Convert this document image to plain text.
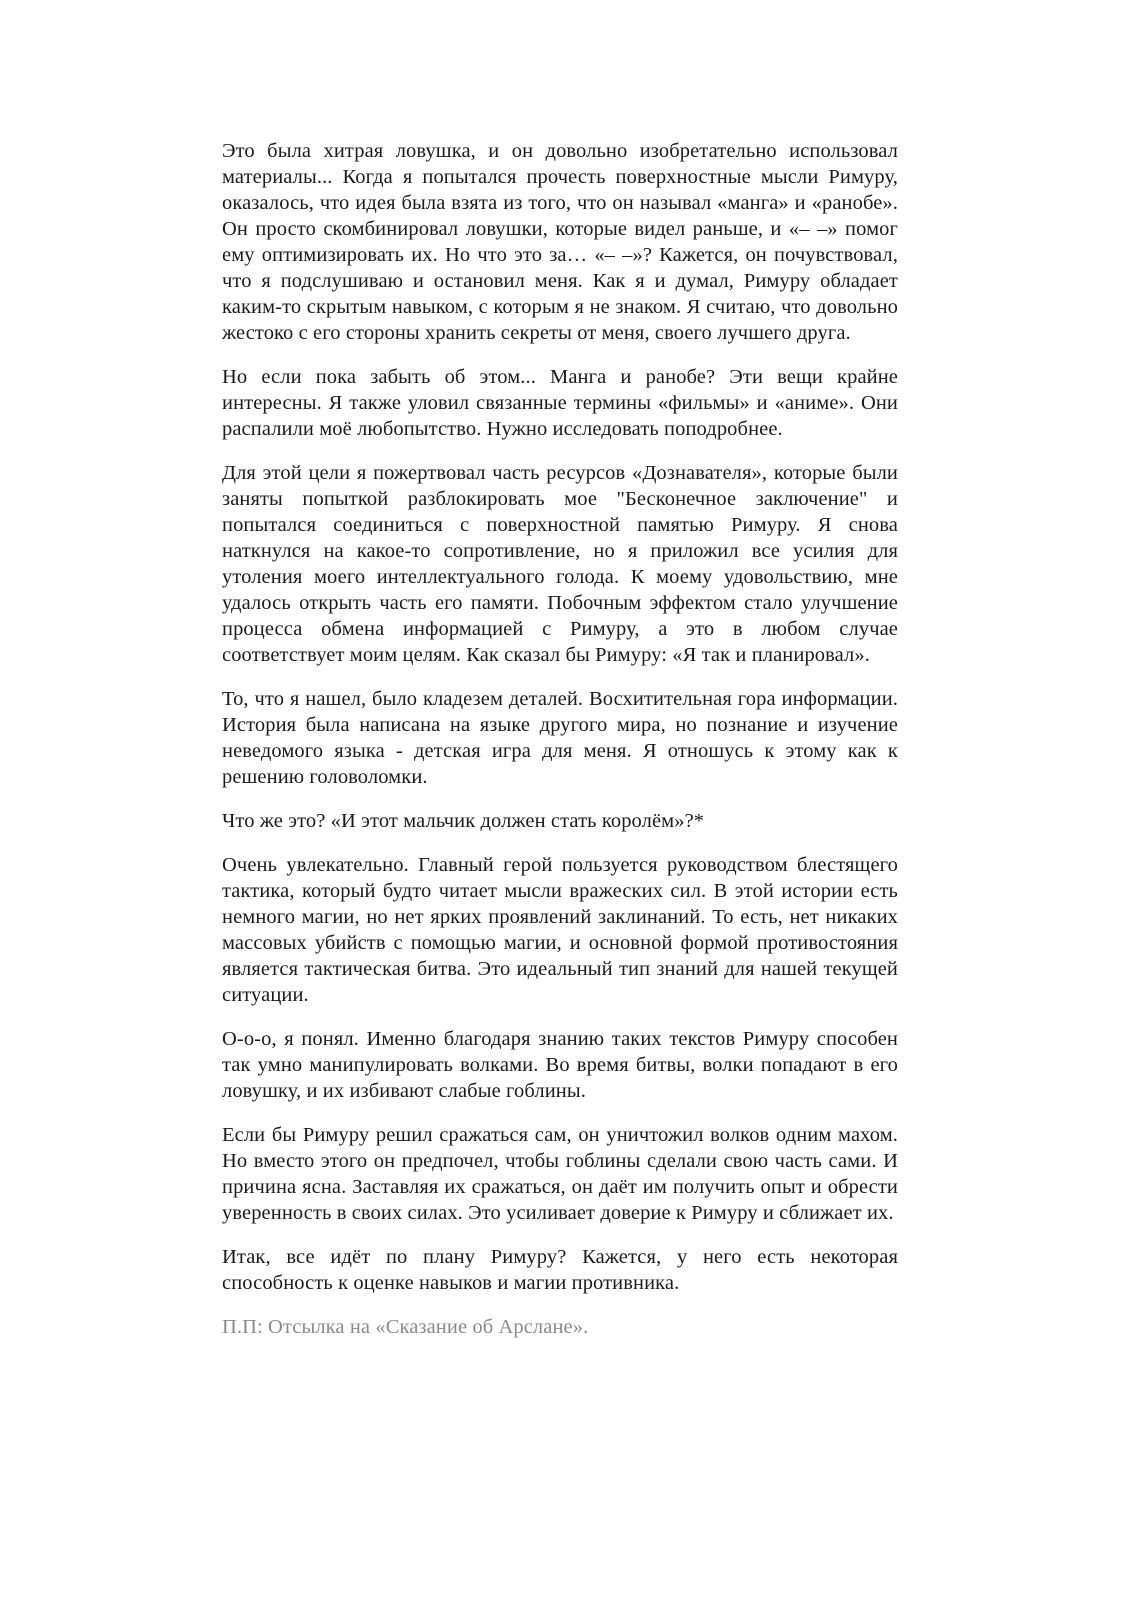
Это была хитрая ловушка, и он довольно изобретательно использовал материалы... Когда я попытался прочесть поверхностные мысли Римуру, оказалось, что идея была взята из того, что он называл «манга» и «ранобе». Он просто скомбинировал ловушки, которые видел раньше, и «– –» помог ему оптимизировать их. Но что это за… «– –»? Кажется, он почувствовал, что я подслушиваю и остановил меня. Как я и думал, Римуру обладает каким-то скрытым навыком, с которым я не знаком. Я считаю, что довольно жестоко с его стороны хранить секреты от меня, своего лучшего друга.

Но если пока забыть об этом... Манга и ранобе? Эти вещи крайне интересны. Я также уловил связанные термины «фильмы» и «аниме». Они распалили моё любопытство. Нужно исследовать поподробнее.

Для этой цели я пожертвовал часть ресурсов «Дознавателя», которые были заняты попыткой разблокировать мое "Бесконечное заключение" и попытался соединиться с поверхностной памятью Римуру. Я снова наткнулся на какое-то сопротивление, но я приложил все усилия для утоления моего интеллектуального голода. К моему удовольствию, мне удалось открыть часть его памяти. Побочным эффектом стало улучшение процесса обмена информацией с Римуру, а это в любом случае соответствует моим целям. Как сказал бы Римуру: «Я так и планировал».

То, что я нашел, было кладезем деталей. Восхитительная гора информации. История была написана на языке другого мира, но познание и изучение неведомого языка - детская игра для меня. Я отношусь к этому как к решению головоломки.

Что же это? «И этот мальчик должен стать королём»?*

Очень увлекательно. Главный герой пользуется руководством блестящего тактика, который будто читает мысли вражеских сил. В этой истории есть немного магии, но нет ярких проявлений заклинаний. То есть, нет никаких массовых убийств с помощью магии, и основной формой противостояния является тактическая битва. Это идеальный тип знаний для нашей текущей ситуации.

О-о-о, я понял. Именно благодаря знанию таких текстов Римуру способен так умно манипулировать волками. Во время битвы, волки попадают в его ловушку, и их избивают слабые гоблины.

Если бы Римуру решил сражаться сам, он уничтожил волков одним махом. Но вместо этого он предпочел, чтобы гоблины сделали свою часть сами. И причина ясна. Заставляя их сражаться, он даёт им получить опыт и обрести уверенность в своих силах. Это усиливает доверие к Римуру и сближает их.

Итак, все идёт по плану Римуру? Кажется, у него есть некоторая способность к оценке навыков и магии противника.

П.П: Отсылка на «Сказание об Арслане».
